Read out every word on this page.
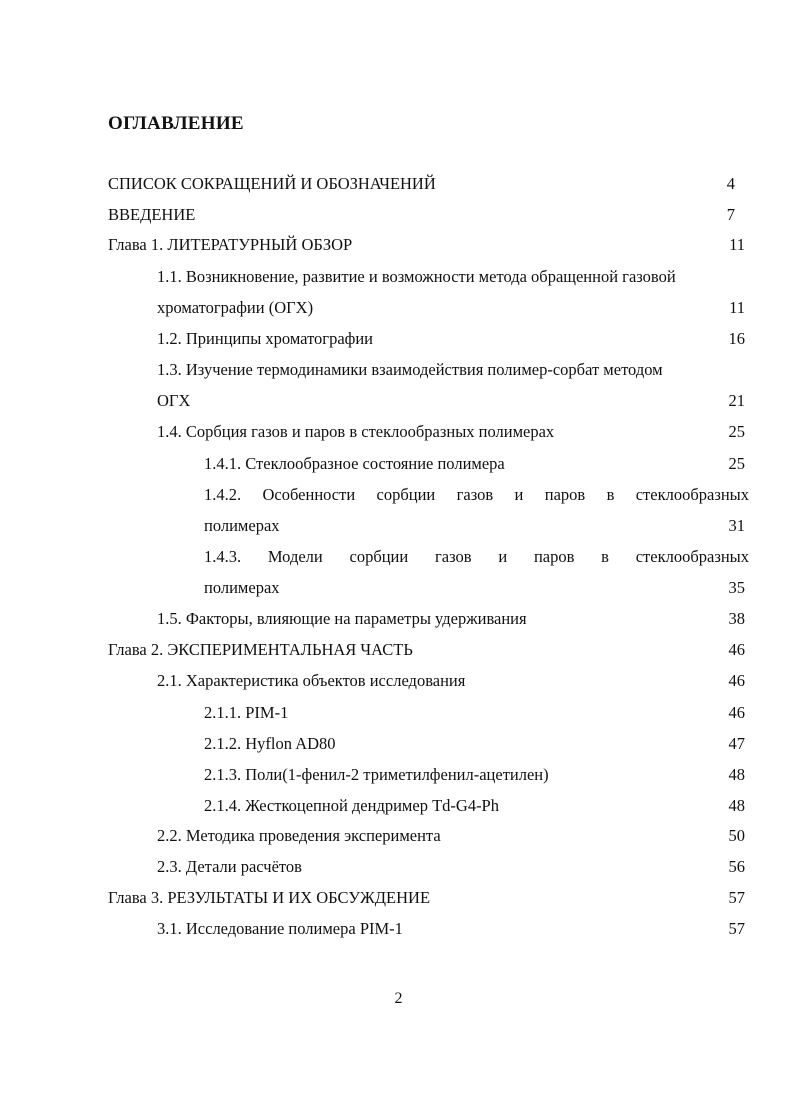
ОГЛАВЛЕНИЕ
СПИСОК СОКРАЩЕНИЙ И ОБОЗНАЧЕНИЙ	4
ВВЕДЕНИЕ	7
Глава 1. ЛИТЕРАТУРНЫЙ ОБЗОР	11
1.1. Возникновение, развитие и возможности метода обращенной газовой
хроматографии (ОГХ)	11
1.2. Принципы хроматографии	16
1.3. Изучение термодинамики взаимодействия полимер-сорбат методом
ОГХ	21
1.4. Сорбция газов и паров в стеклообразных полимерах	25
1.4.1. Стеклообразное состояние полимера	25
1.4.2. Особенности сорбции газов и паров в стеклообразных
полимерах	31
1.4.3. Модели сорбции газов и паров в стеклообразных
полимерах	35
1.5. Факторы, влияющие на параметры удерживания	38
Глава 2. ЭКСПЕРИМЕНТАЛЬНАЯ ЧАСТЬ	46
2.1. Характеристика объектов исследования	46
2.1.1. PIM-1	46
2.1.2. Hyflon AD80	47
2.1.3. Поли(1-фенил-2 триметилфенил-ацетилен)	48
2.1.4. Жесткоцепной дендример Td-G4-Ph	48
2.2. Методика проведения эксперимента	50
2.3. Детали расчётов	56
Глава 3. РЕЗУЛЬТАТЫ И ИХ ОБСУЖДЕНИЕ	57
3.1. Исследование полимера PIM-1	57
2
